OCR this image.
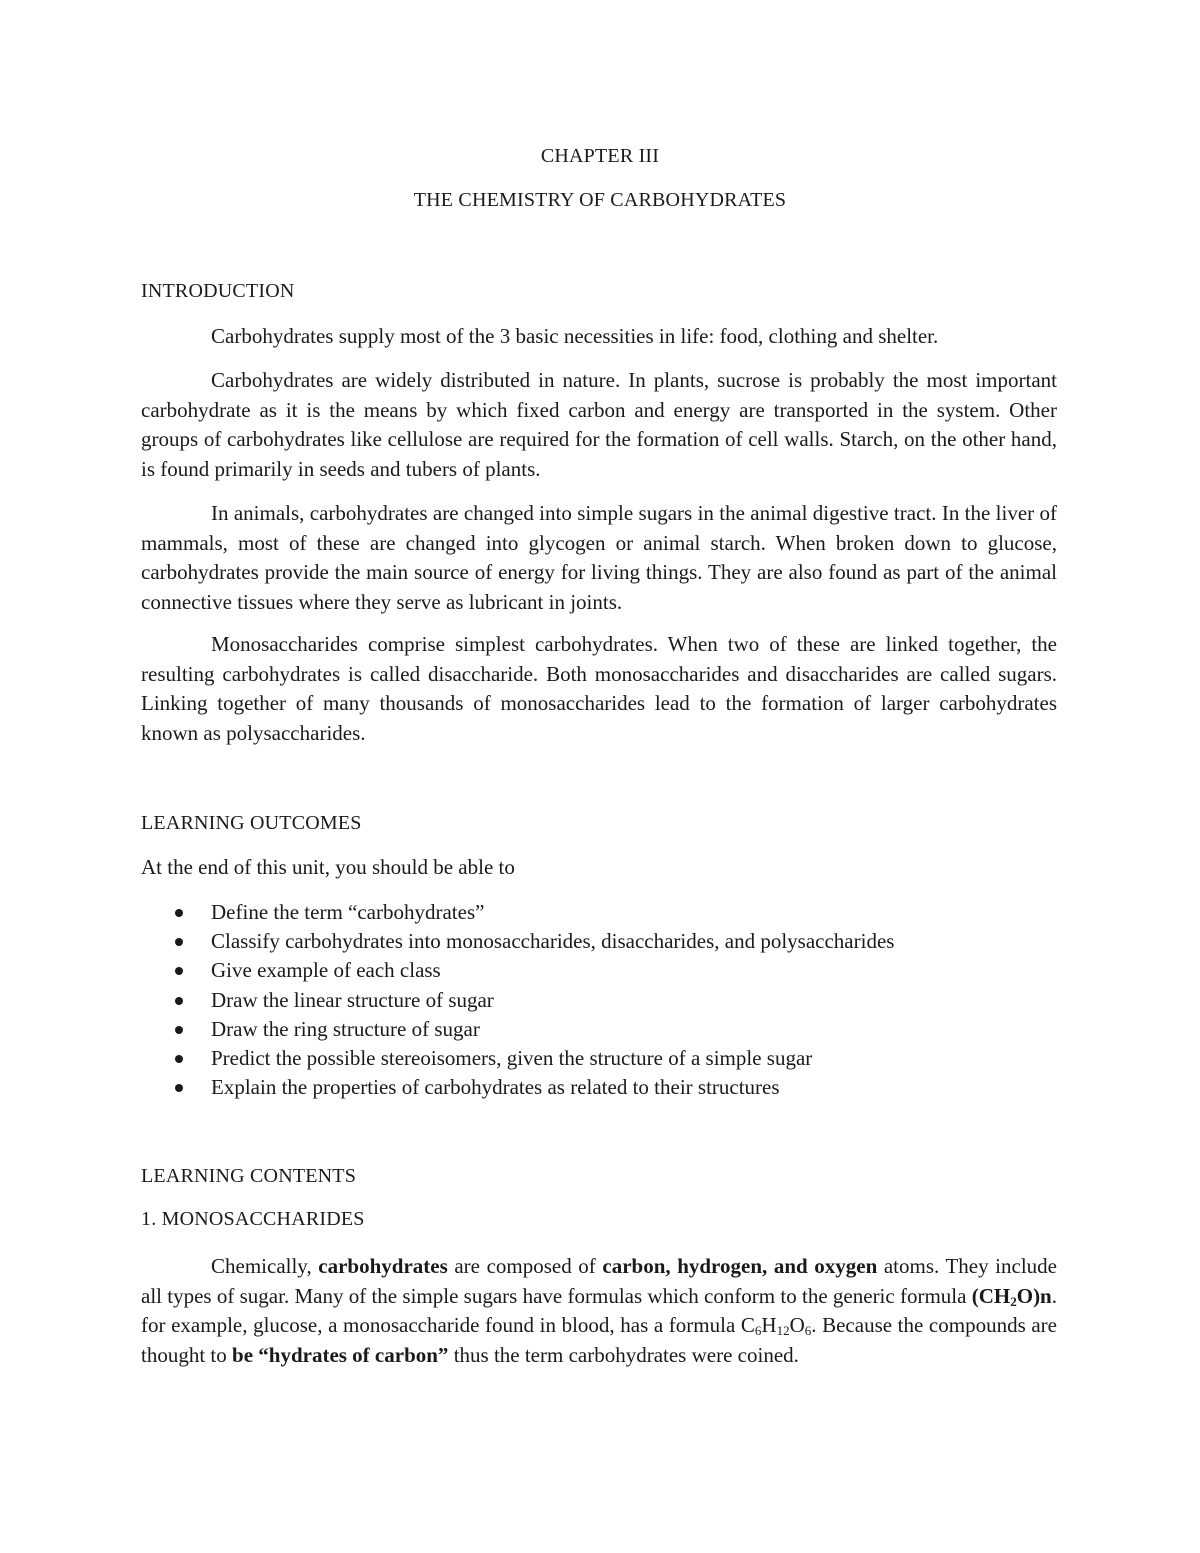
CHAPTER III
THE CHEMISTRY OF CARBOHYDRATES
INTRODUCTION

Carbohydrates supply most of the 3 basic necessities in life: food, clothing and shelter.

Carbohydrates are widely distributed in nature. In plants, sucrose is probably the most important carbohydrate as it is the means by which fixed carbon and energy are transported in the system. Other groups of carbohydrates like cellulose are required for the formation of cell walls. Starch, on the other hand, is found primarily in seeds and tubers of plants.

In animals, carbohydrates are changed into simple sugars in the animal digestive tract. In the liver of mammals, most of these are changed into glycogen or animal starch. When broken down to glucose, carbohydrates provide the main source of energy for living things. They are also found as part of the animal connective tissues where they serve as lubricant in joints.

Monosaccharides comprise simplest carbohydrates. When two of these are linked together, the resulting carbohydrates is called disaccharide. Both monosaccharides and disaccharides are called sugars. Linking together of many thousands of monosaccharides lead to the formation of larger carbohydrates known as polysaccharides.

LEARNING OUTCOMES
At the end of this unit, you should be able to
Define the term “carbohydrates”
Classify carbohydrates into monosaccharides, disaccharides, and polysaccharides
Give example of each class
Draw the linear structure of sugar
Draw the ring structure of sugar
Predict the possible stereoisomers, given the structure of a simple sugar
Explain the properties of carbohydrates as related to their structures
LEARNING CONTENTS
1. MONOSACCHARIDES

Chemically, carbohydrates are composed of carbon, hydrogen, and oxygen atoms. They include all types of sugar. Many of the simple sugars have formulas which conform to the generic formula $(CH_2O)n$. for example, glucose, a monosaccharide found in blood, has a formula $C_6H_{12}O_6$. Because the compounds are thought to be “hydrates of carbon” thus the term carbohydrates were coined.
